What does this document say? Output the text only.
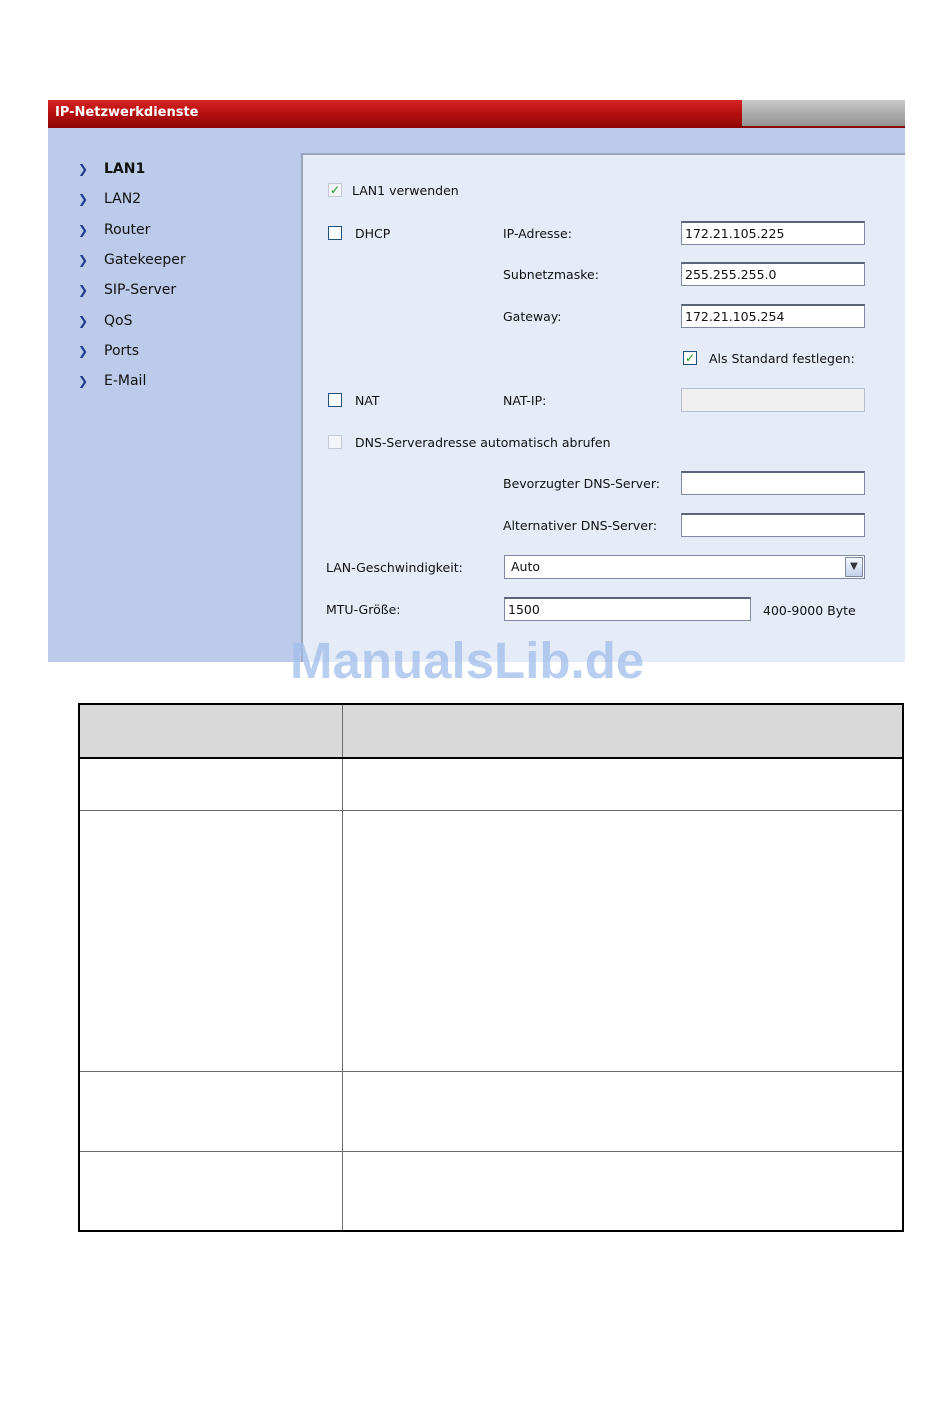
IP-Netzwerkdienste
❯	LAN1
❯	LAN2
❯	Router
❯	Gatekeeper
❯	SIP-Server
❯	QoS
❯	Ports
❯	E-Mail
✓ LAN1 verwenden
DHCP	IP-Adresse:
172.21.105.225
Subnetzmaske:
255.255.255.0
Gateway:
172.21.105.254
✓ Als Standard festlegen:
NAT	NAT-IP:
DNS-Serveradresse automatisch abrufen
Bevorzugter DNS-Server:
Alternativer DNS-Server:
LAN-Geschwindigkeit:	Auto	▼
MTU-Größe:
1500	400-9000 Byte
ManualsLib.de
